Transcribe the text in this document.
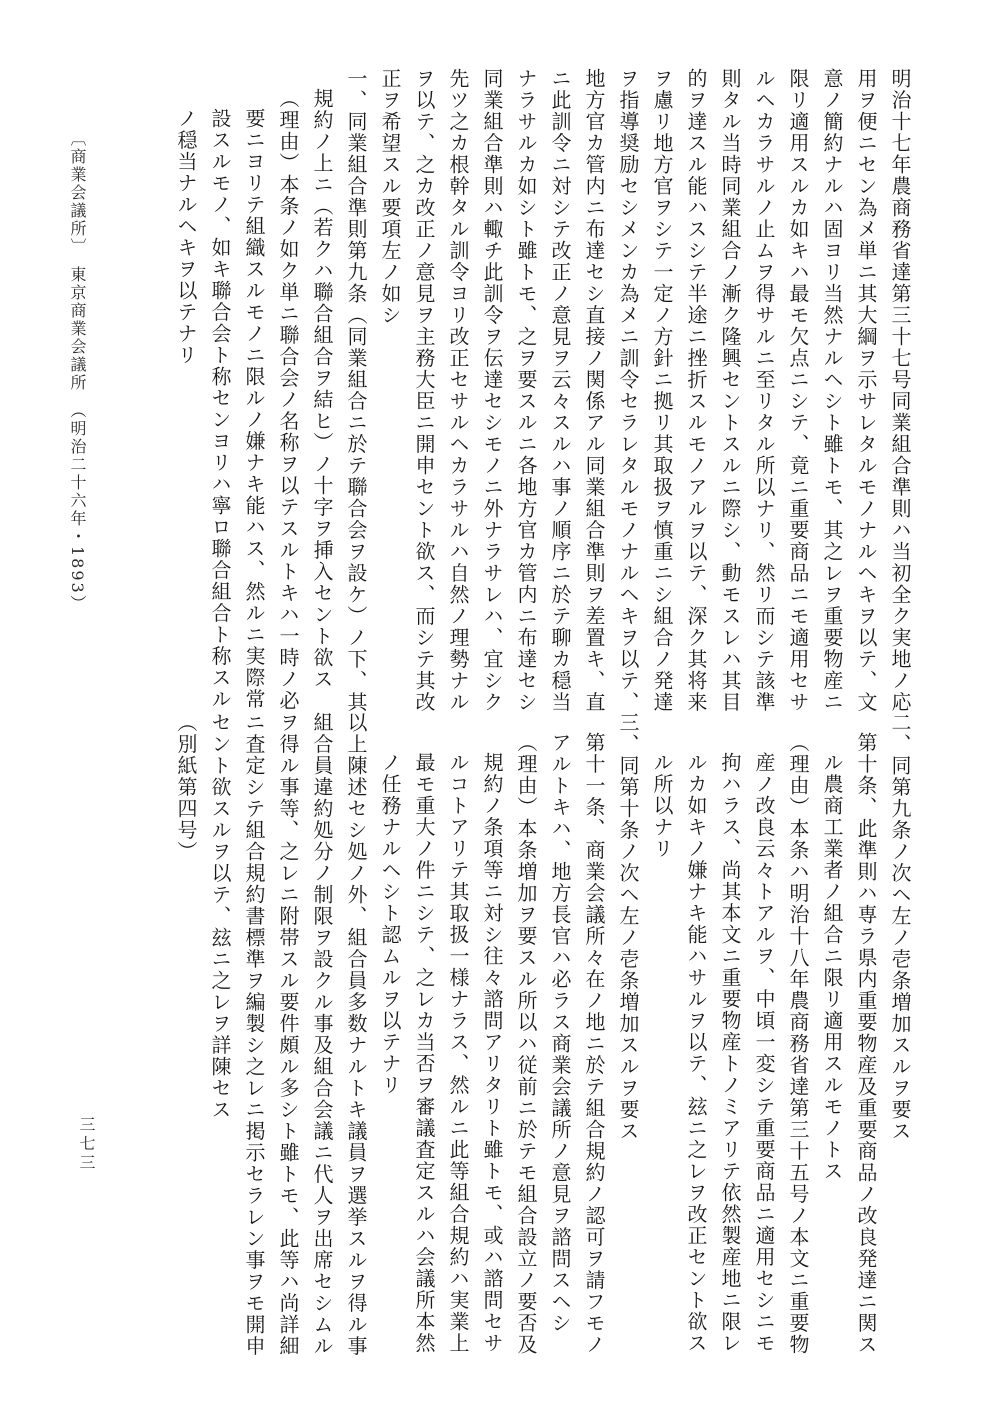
明治十七年農商務省達第三十七号同業組合準則ハ当初全ク実地ノ応

用ヲ便ニセン為メ単ニ其大綱ヲ示サレタルモノナルヘキヲ以テ、文

意ノ簡約ナルハ固ヨリ当然ナルヘシト雖トモ、其之レヲ重要物産ニ

限リ適用スルカ如キハ最モ欠点ニシテ、竟ニ重要商品ニモ適用セサ

ルヘカラサルノ止ムヲ得サルニ至リタル所以ナリ、然リ而シテ該準

則タル当時同業組合ノ漸ク隆興セントスルニ際シ、動モスレハ其目

的ヲ達スル能ハスシテ半途ニ挫折スルモノアルヲ以テ、深ク其将来

ヲ慮リ地方官ヲシテ一定ノ方針ニ拠リ其取扱ヲ慎重ニシ組合ノ発達

ヲ指導奨励セシメンカ為メニ訓令セラレタルモノナルヘキヲ以テ、

地方官カ管内ニ布達セシ直接ノ関係アル同業組合準則ヲ差置キ、直

ニ此訓令ニ対シテ改正ノ意見ヲ云々スルハ事ノ順序ニ於テ聊カ穏当

ナラサルカ如シト雖トモ、之ヲ要スルニ各地方官カ管内ニ布達セシ

同業組合準則ハ輙チ此訓令ヲ伝達セシモノニ外ナラサレハ、宜シク

先ツ之カ根幹タル訓令ヨリ改正セサルヘカラサルハ自然ノ理勢ナル

ヲ以テ、之カ改正ノ意見ヲ主務大臣ニ開申セント欲ス、而シテ其改

正ヲ希望スル要項左ノ如シ

一、同業組合準則第九条（同業組合ニ於テ聯合会ヲ設ケ）ノ下、其

規約ノ上ニ（若クハ聯合組合ヲ結ヒ）ノ十字ヲ挿入セント欲ス

（理由）本条ノ如ク単ニ聯合会ノ名称ヲ以テスルトキハ一時ノ必

要ニヨリテ組織スルモノニ限ルノ嫌ナキ能ハス、然ルニ実際常

設スルモノ、如キ聯合会ト称センヨリハ寧ロ聯合組合ト称スル

ノ穏当ナルヘキヲ以テナリ

二、同第九条ノ次ヘ左ノ壱条増加スルヲ要ス

第十条、此準則ハ専ラ県内重要物産及重要商品ノ改良発達ニ関ス

ル農商工業者ノ組合ニ限リ適用スルモノトス

（理由）本条ハ明治十八年農商務省達第三十五号ノ本文ニ重要物

産ノ改良云々トアルヲ、中頃一変シテ重要商品ニ適用セシニモ

拘ハラス、尚其本文ニ重要物産トノミアリテ依然製産地ニ限レ

ルカ如キノ嫌ナキ能ハサルヲ以テ、玆ニ之レヲ改正セント欲ス

ル所以ナリ

三、同第十条ノ次ヘ左ノ壱条増加スルヲ要ス

第十一条、商業会議所々在ノ地ニ於テ組合規約ノ認可ヲ請フモノ

アルトキハ、地方長官ハ必ラス商業会議所ノ意見ヲ諮問スヘシ

（理由）本条増加ヲ要スル所以ハ従前ニ於テモ組合設立ノ要否及

規約ノ条項等ニ対シ往々諮問アリタリト雖トモ、或ハ諮問セサ

ルコトアリテ其取扱一様ナラス、然ルニ此等組合規約ハ実業上

最モ重大ノ件ニシテ、之レカ当否ヲ審議査定スルハ会議所本然

ノ任務ナルヘシト認ムルヲ以テナリ

以上陳述セシ処ノ外、組合員多数ナルトキ議員ヲ選挙スルヲ得ル事

組合員違約処分ノ制限ヲ設クル事及組合会議ニ代人ヲ出席セシムル

ヲ得ル事等、之レニ附帯スル要件頗ル多シト雖トモ、此等ハ尚詳細

ニ査定シテ組合規約書標準ヲ編製シ之レニ掲示セラレン事ヲモ開申

セント欲スルヲ以テ、玆ニ之レヲ詳陳セス

（別紙第四号）

〔商業会議所〕　東京商業会議所　（明治二十六年・1893）
三七三
